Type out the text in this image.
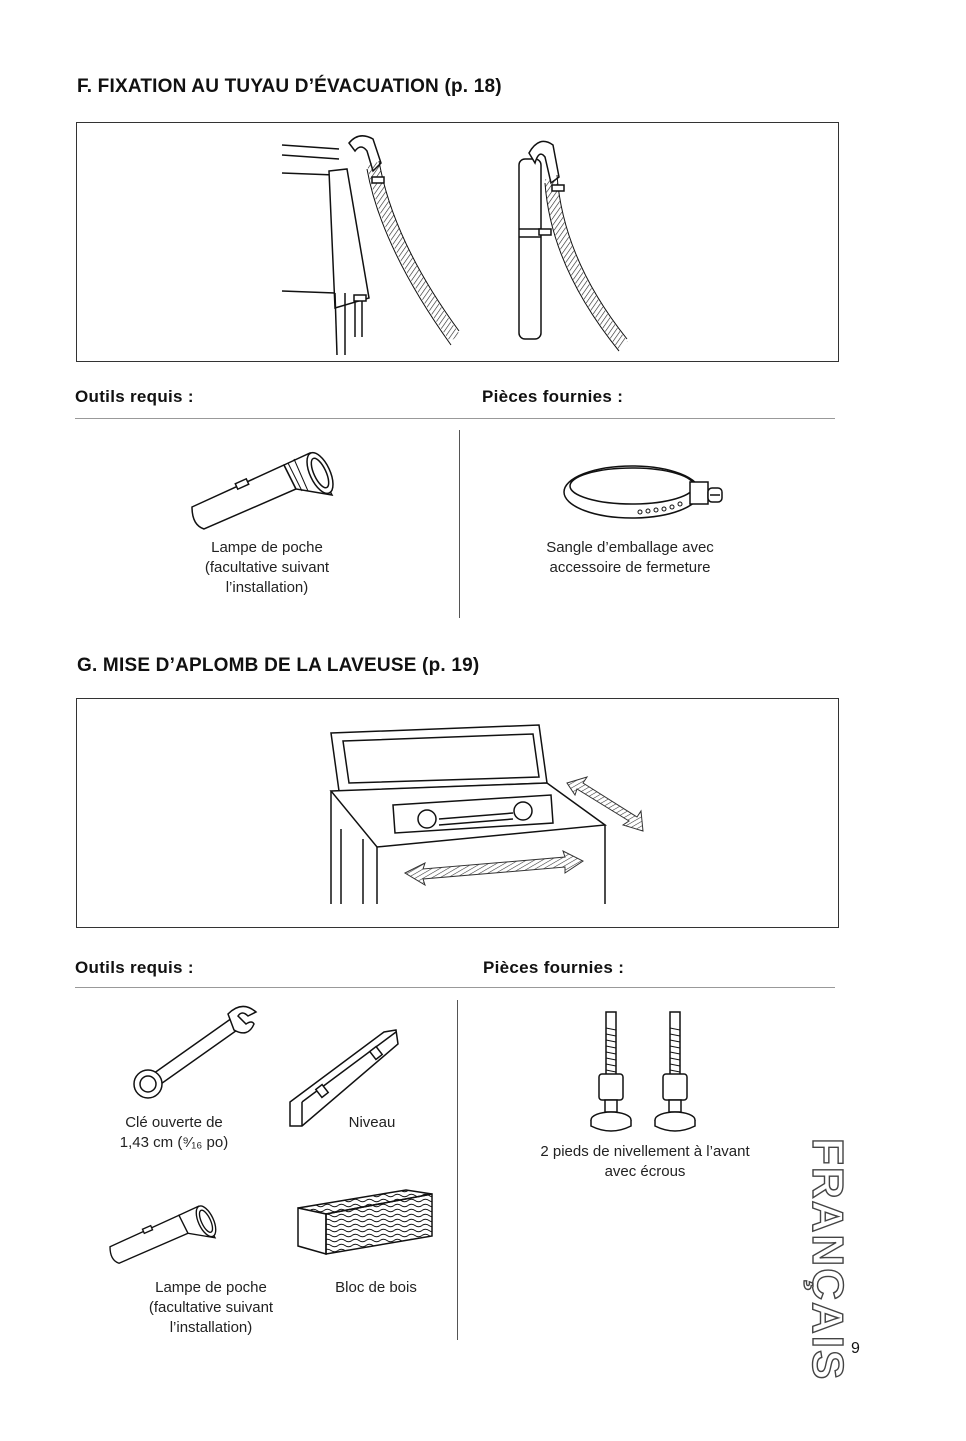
F. FIXATION AU TUYAU D’ÉVACUATION (p. 18)
Outils requis :	Pièces fournies :
Lampe de poche
(facultative suivant
l’installation)
Sangle d’emballage avec
accessoire de fermeture
G. MISE D’APLOMB DE LA LAVEUSE (p. 19)
Outils requis :	Pièces fournies :
Clé ouverte de
1,43 cm (⁹⁄₁₆ po)
Niveau
Lampe de poche
(facultative suivant
l’installation)
Bloc de bois
2 pieds de nivellement à l’avant
avec écrous	FRANÇAIS 9
